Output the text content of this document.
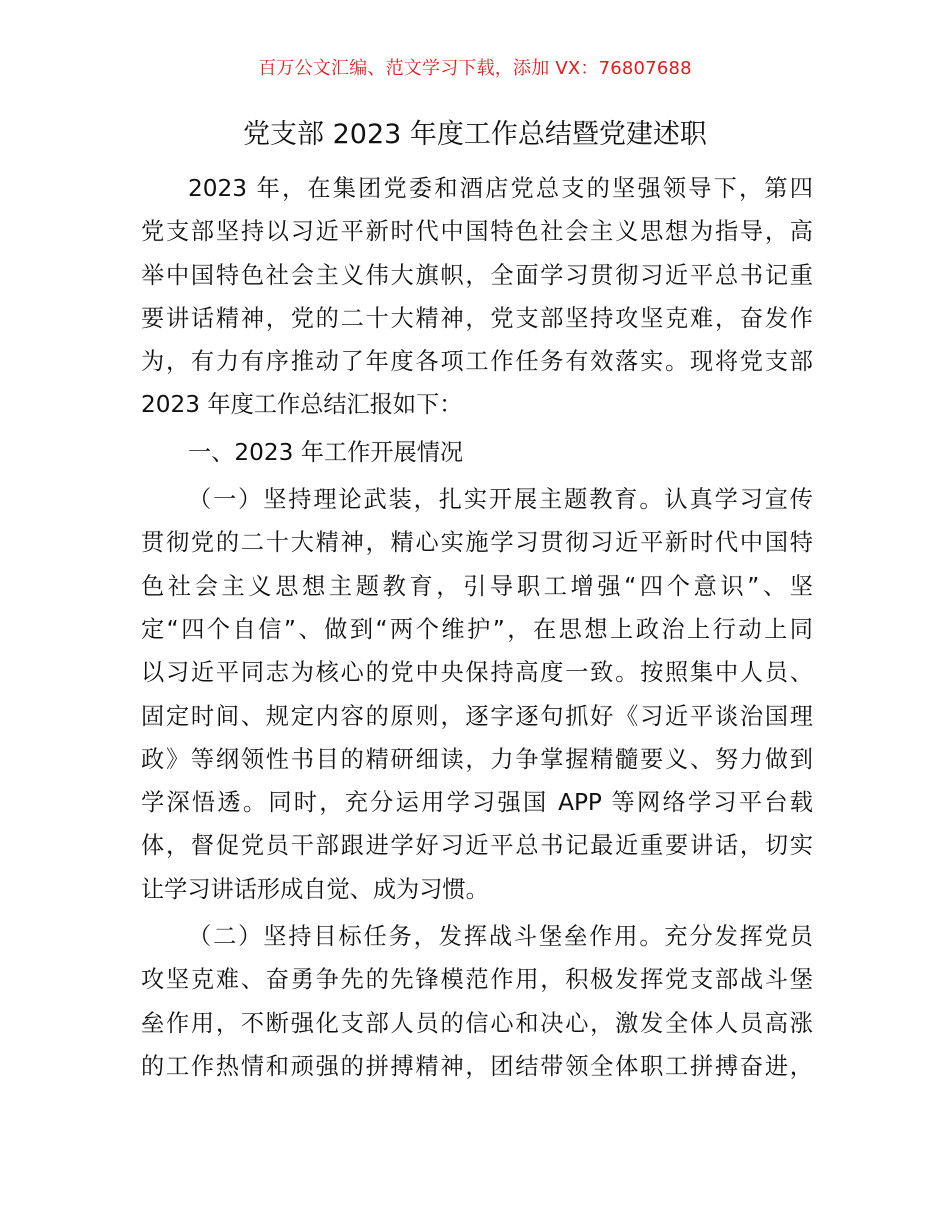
百万公文汇编、范文学习下载，添加 VX：76807688
党支部 2023 年度工作总结暨党建述职
2023 年，在集团党委和酒店党总支的坚强领导下，第四
党支部坚持以习近平新时代中国特色社会主义思想为指导，高
举中国特色社会主义伟大旗帜，全面学习贯彻习近平总书记重
要讲话精神，党的二十大精神，党支部坚持攻坚克难，奋发作
为，有力有序推动了年度各项工作任务有效落实。现将党支部
2023 年度工作总结汇报如下：
一、2023 年工作开展情况
（一）坚持理论武装，扎实开展主题教育。认真学习宣传
贯彻党的二十大精神，精心实施学习贯彻习近平新时代中国特
色社会主义思想主题教育，引导职工增强“四个意识”、坚
定“四个自信”、做到“两个维护”，在思想上政治上行动上同
以习近平同志为核心的党中央保持高度一致。按照集中人员、
固定时间、规定内容的原则，逐字逐句抓好《习近平谈治国理
政》等纲领性书目的精研细读，力争掌握精髓要义、努力做到
学深悟透。同时，充分运用学习强国 APP 等网络学习平台载
体，督促党员干部跟进学好习近平总书记最近重要讲话，切实
让学习讲话形成自觉、成为习惯。
（二）坚持目标任务，发挥战斗堡垒作用。充分发挥党员
攻坚克难、奋勇争先的先锋模范作用，积极发挥党支部战斗堡
垒作用，不断强化支部人员的信心和决心，激发全体人员高涨
的工作热情和顽强的拼搏精神，团结带领全体职工拼搏奋进，
